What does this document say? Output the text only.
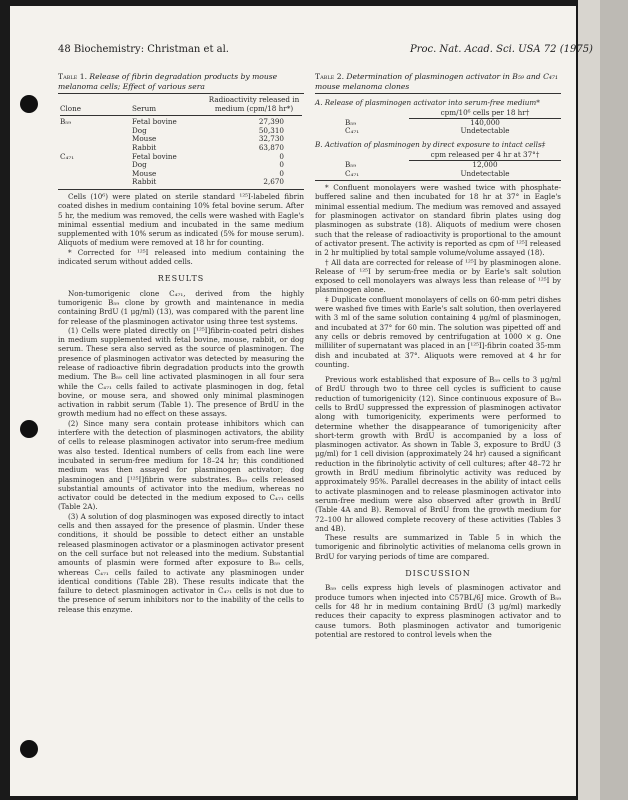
48 Biochemistry: Christman et al.	Proc. Nat. Acad. Sci. USA 72 (1975)
Table 1. Release of fibrin degradation products by mouse melanoma cells; Effect of various sera
Clone	Serum	Radioactivity released in medium (cpm/18 hr*)

B₅₉	Fetal bovine	27,390
	Dog	50,310
	Mouse	32,730
	Rabbit	63,870
C₄₇₁	Fetal bovine	0
	Dog	0
	Mouse	0
	Rabbit	2,670

Cells (10⁶) were plated on sterile standard ¹²⁵I-labeled fibrin coated dishes in medium containing 10% fetal bovine serum. After 5 hr, the medium was removed, the cells were washed with Eagle's minimal essential medium and incubated in the same medium supplemented with 10% serum as indicated (5% for mouse serum). Aliquots of medium were removed at 18 hr for counting.

* Corrected for ¹²⁵I released into medium containing the indicated serum without added cells.

RESULTS

Non-tumorigenic clone C₄₇₁, derived from the highly tumorigenic B₅₉ clone by growth and maintenance in media containing BrdU (1 μg/ml) (13), was compared with the parent line for release of the plasminogen activator using three test systems.

(1) Cells were plated directly on [¹²⁵I]fibrin-coated petri dishes in medium supplemented with fetal bovine, mouse, rabbit, or dog serum. These sera also served as the source of plasminogen. The presence of plasminogen activator was detected by measuring the release of radioactive fibrin degradation products into the growth medium. The B₅₉ cell line activated plasminogen in all four sera while the C₄₇₁ cells failed to activate plasminogen in dog, fetal bovine, or mouse sera, and showed only minimal plasminogen activation in rabbit serum (Table 1). The presence of BrdU in the growth medium had no effect on these assays.

(2) Since many sera contain protease inhibitors which can interfere with the detection of plasminogen activators, the ability of cells to release plasminogen activator into serum-free medium was also tested. Identical numbers of cells from each line were incubated in serum-free medium for 18–24 hr; this conditioned medium was then assayed for plasminogen activator; dog plasminogen and [¹²⁵I]fibrin were substrates. B₅₉ cells released substantial amounts of activator into the medium, whereas no activator could be detected in the medium exposed to C₄₇₁ cells (Table 2A).

(3) A solution of dog plasminogen was exposed directly to intact cells and then assayed for the presence of plasmin. Under these conditions, it should be possible to detect either an unstable released plasminogen activator or a plasminogen activator present on the cell surface but not released into the medium. Substantial amounts of plasmin were formed after exposure to B₅₉ cells, whereas C₄₇₁ cells failed to activate any plasminogen under identical conditions (Table 2B). These results indicate that the failure to detect plasminogen activator in C₄₇₁ cells is not due to the presence of serum inhibitors nor to the inability of the cells to release this enzyme.

Table 2. Determination of plasminogen activator in B₅₉ and C₄₇₁ mouse melanoma clones
A. Release of plasminogen activator into serum-free medium*
	cpm/10⁶ cells per 18 hr†
B₅₉	140,000
C₄₇₁	Undetectable
B. Activation of plasminogen by direct exposure to intact cells‡
	cpm released per 4 hr at 37°†
B₅₉	12,000
C₄₇₁	Undetectable

* Confluent monolayers were washed twice with phosphate-buffered saline and then incubated for 18 hr at 37° in Eagle's minimal essential medium. The medium was removed and assayed for plasminogen activator on standard fibrin plates using dog plasminogen as substrate (18). Aliquots of medium were chosen such that the release of radioactivity is proportional to the amount of activator present. The activity is reported as cpm of ¹²⁵I released in 2 hr multiplied by total sample volume/volume assayed (18).

† All data are corrected for release of ¹²⁵I by plasminogen alone. Release of ¹²⁵I by serum-free media or by Earle's salt solution exposed to cell monolayers was always less than release of ¹²⁵I by plasminogen alone.

‡ Duplicate confluent monolayers of cells on 60-mm petri dishes were washed five times with Earle's salt solution, then overlayered with 3 ml of the same solution containing 4 μg/ml of plasminogen, and incubated at 37° for 60 min. The solution was pipetted off and any cells or debris removed by centrifugation at 1000 × g. One milliliter of supernatant was placed in an [¹²⁵I]-fibrin coated 35-mm dish and incubated at 37°. Aliquots were removed at 4 hr for counting.

Previous work established that exposure of B₅₉ cells to 3 μg/ml of BrdU through two to three cell cycles is sufficient to cause reduction of tumorigenicity (12). Since continuous exposure of B₅₉ cells to BrdU suppressed the expression of plasminogen activator along with tumorigenicity, experiments were performed to determine whether the disappearance of tumorigenicity after short-term growth with BrdU is accompanied by a loss of plasminogen activator. As shown in Table 3, exposure to BrdU (3 μg/ml) for 1 cell division (approximately 24 hr) caused a significant reduction in the fibrinolytic activity of cell cultures; after 48–72 hr growth in BrdU medium fibrinolytic activity was reduced by approximately 95%. Parallel decreases in the ability of intact cells to activate plasminogen and to release plasminogen activator into serum-free medium were also observed after growth in BrdU (Table 4A and B). Removal of BrdU from the growth medium for 72–100 hr allowed complete recovery of these activities (Tables 3 and 4B).

These results are summarized in Table 5 in which the tumorigenic and fibrinolytic activities of melanoma cells grown in BrdU for varying periods of time are compared.

DISCUSSION

B₅₉ cells express high levels of plasminogen activator and produce tumors when injected into C57BL/6J mice. Growth of B₅₉ cells for 48 hr in medium containing BrdU (3 μg/ml) markedly reduces their capacity to express plasminogen activator and to cause tumors. Both plasminogen activator and tumorigenic potential are restored to control levels when the
